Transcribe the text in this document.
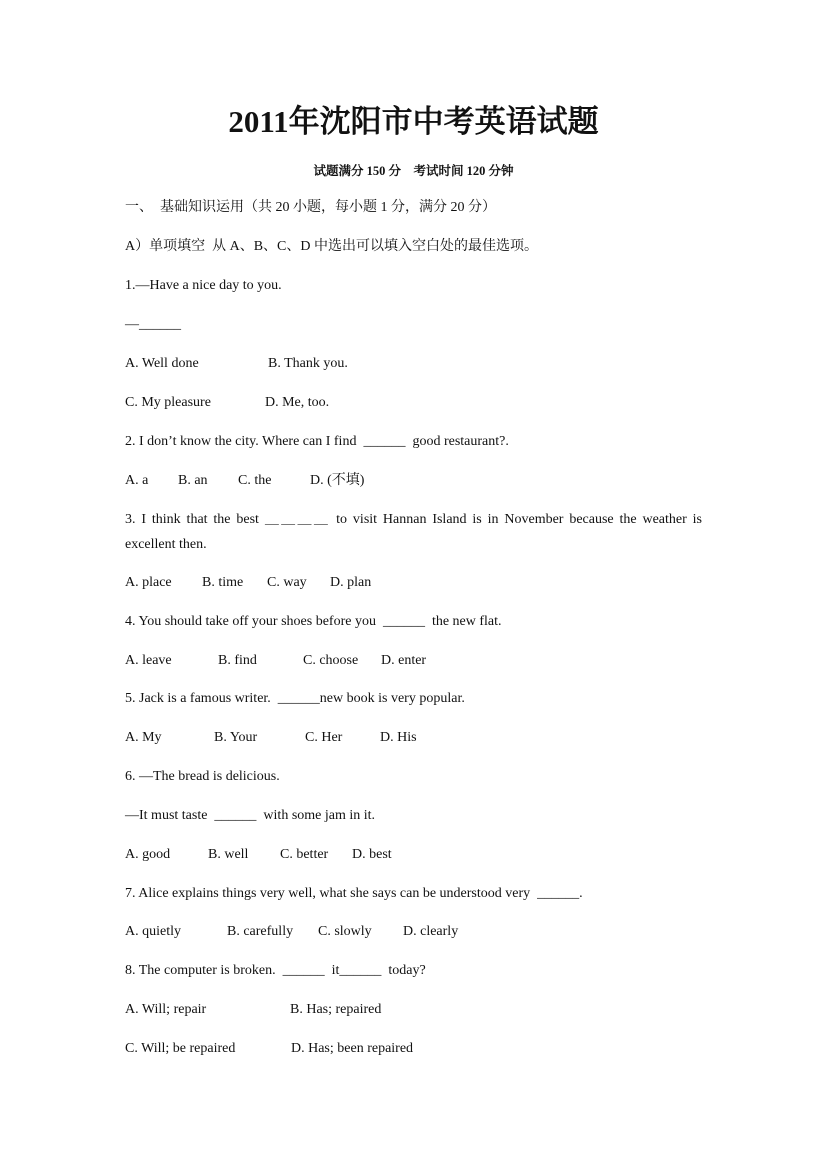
2011年沈阳市中考英语试题
试题满分 150 分    考试时间 120 分钟
一、  基础知识运用（共 20 小题，每小题 1 分，满分 20 分）
A）单项填空  从 A、B、C、D 中选出可以填入空白处的最佳选项。
1.—Have a nice day to you.
—______
A. Well done	B. Thank you.
C. My pleasure	D. Me, too.
2. I don’t know the city. Where can I find  ______  good restaurant?.
A. a B. an C. the	D. (不填)
3. I think that the best ＿＿＿＿ to visit Hannan Island is in November because the weather is excellent then.
A. place B. time C. way D. plan
4. You should take off your shoes before you  ______  the new flat.
A. leave	B. find	C. choose D. enter
5. Jack is a famous writer.  ______new book is very popular.
A. My	B. Your	C. Her	D. His
6. —The bread is delicious.
—It must taste  ______  with some jam in it.
A. good	B. well C. better D. best
7. Alice explains things very well, what she says can be understood very  ______.
A. quietly	B. carefully C. slowly D. clearly
8. The computer is broken.  ______  it______  today?
A. Will; repair	B. Has; repaired
C. Will; be repaired	D. Has; been repaired
